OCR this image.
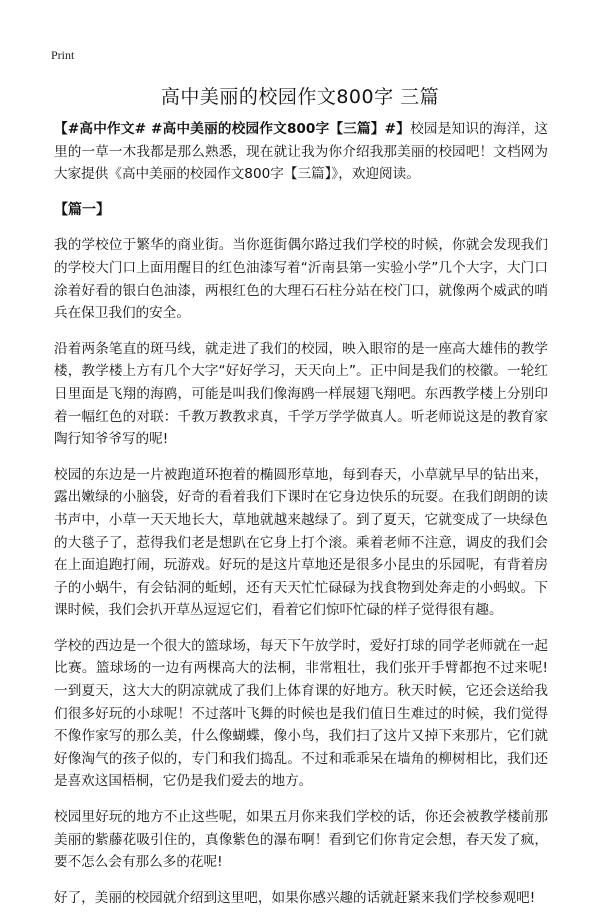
Print
高中美丽的校园作文800字 三篇

【#高中作文# #高中美丽的校园作文800字【三篇】#】校园是知识的海洋，这里的一草一木我都是那么熟悉，现在就让我为你介绍我那美丽的校园吧！文档网为大家提供《高中美丽的校园作文800字【三篇】》，欢迎阅读。

【篇一】

我的学校位于繁华的商业街。当你逛街偶尔路过我们学校的时候，你就会发现我们的学校大门口上面用醒目的红色油漆写着“沂南县第一实验小学”几个大字，大门口涂着好看的银白色油漆，两根红色的大理石石柱分站在校门口，就像两个威武的哨兵在保卫我们的安全。

沿着两条笔直的斑马线，就走进了我们的校园，映入眼帘的是一座高大雄伟的教学楼，教学楼上方有几个大字“好好学习，天天向上”。正中间是我们的校徽。一轮红日里面是飞翔的海鸥，可能是叫我们像海鸥一样展翅飞翔吧。东西教学楼上分别印着一幅红色的对联：千教万教教求真，千学万学学做真人。听老师说这是的教育家陶行知爷爷写的呢!

校园的东边是一片被跑道环抱着的椭圆形草地，每到春天，小草就早早的钻出来，露出嫩绿的小脑袋，好奇的看着我们下课时在它身边快乐的玩耍。在我们朗朗的读书声中，小草一天天地长大，草地就越来越绿了。到了夏天，它就变成了一块绿色的大毯子了，惹得我们老是想趴在它身上打个滚。乘着老师不注意，调皮的我们会在上面追跑打闹，玩游戏。好玩的是这片草地还是很多小昆虫的乐园呢，有背着房子的小蜗牛，有会钻洞的蚯蚓，还有天天忙忙碌碌为找食物到处奔走的小蚂蚁。下课时候，我们会扒开草丛逗逗它们，看着它们惊吓忙碌的样子觉得很有趣。

学校的西边是一个很大的篮球场，每天下午放学时，爱好打球的同学老师就在一起比赛。篮球场的一边有两棵高大的法桐，非常粗壮，我们张开手臂都抱不过来呢!一到夏天，这大大的阴凉就成了我们上体育课的好地方。秋天时候，它还会送给我们很多好玩的小球呢！不过落叶飞舞的时候也是我们值日生难过的时候，我们觉得不像作家写的那么美，什么像蝴蝶，像小鸟，我们扫了这片又掉下来那片，它们就好像淘气的孩子似的，专门和我们捣乱。不过和乖乖呆在墙角的柳树相比，我们还是喜欢这国梧桐，它仍是我们爱去的地方。

校园里好玩的地方不止这些呢，如果五月你来我们学校的话，你还会被教学楼前那美丽的紫藤花吸引住的，真像紫色的瀑布啊！看到它们你肯定会想，春天发了疯，要不怎么会有那么多的花呢!

好了，美丽的校园就介绍到这里吧，如果你感兴趣的话就赶紧来我们学校参观吧!
